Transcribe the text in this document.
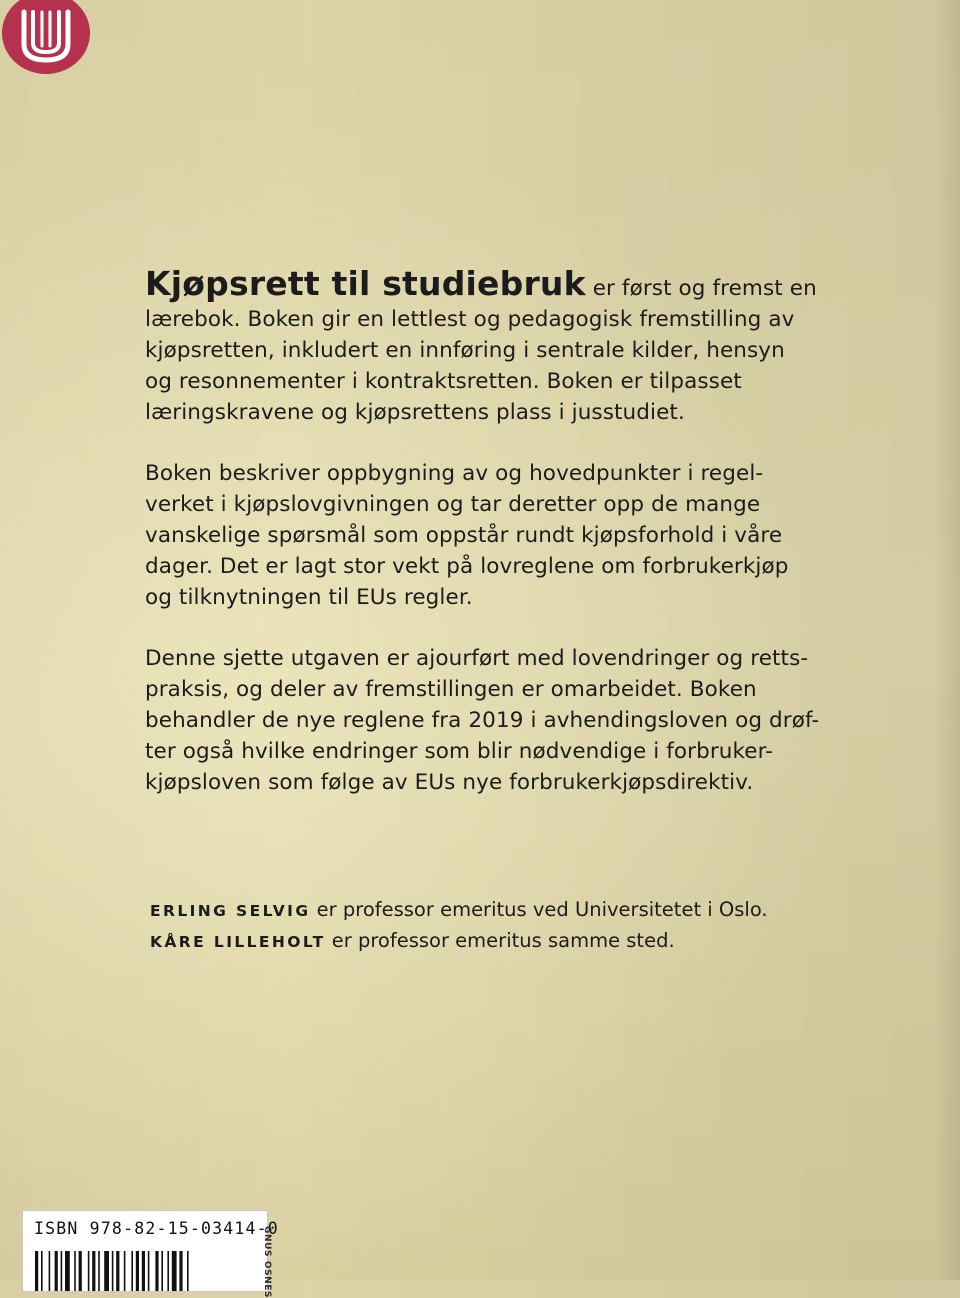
Kjøpsrett til studiebruk er først og fremst en
lærebok. Boken gir en lettlest og pedagogisk fremstilling av
kjøpsretten, inkludert en innføring i sentrale kilder, hensyn
og resonnementer i kontraktsretten. Boken er tilpasset
læringskravene og kjøpsrettens plass i jusstudiet.

Boken beskriver oppbygning av og hovedpunkter i regel-
verket i kjøpslovgivningen og tar deretter opp de mange
vanskelige spørsmål som oppstår rundt kjøpsforhold i våre
dager. Det er lagt stor vekt på lovreglene om forbrukerkjøp
og tilknytningen til EUs regler.

Denne sjette utgaven er ajourført med lovendringer og retts-
praksis, og deler av fremstillingen er omarbeidet. Boken
behandler de nye reglene fra 2019 i avhendingsloven og drøf-
ter også hvilke endringer som blir nødvendige i forbruker-
kjøpsloven som følge av EUs nye forbrukerkjøpsdirektiv.

ERLING SELVIG er professor emeritus ved Universitetet i Oslo.
KÅRE LILLEHOLT er professor emeritus samme sted.
ISBN 978-82-15-03414-0
GNUS OSNES
